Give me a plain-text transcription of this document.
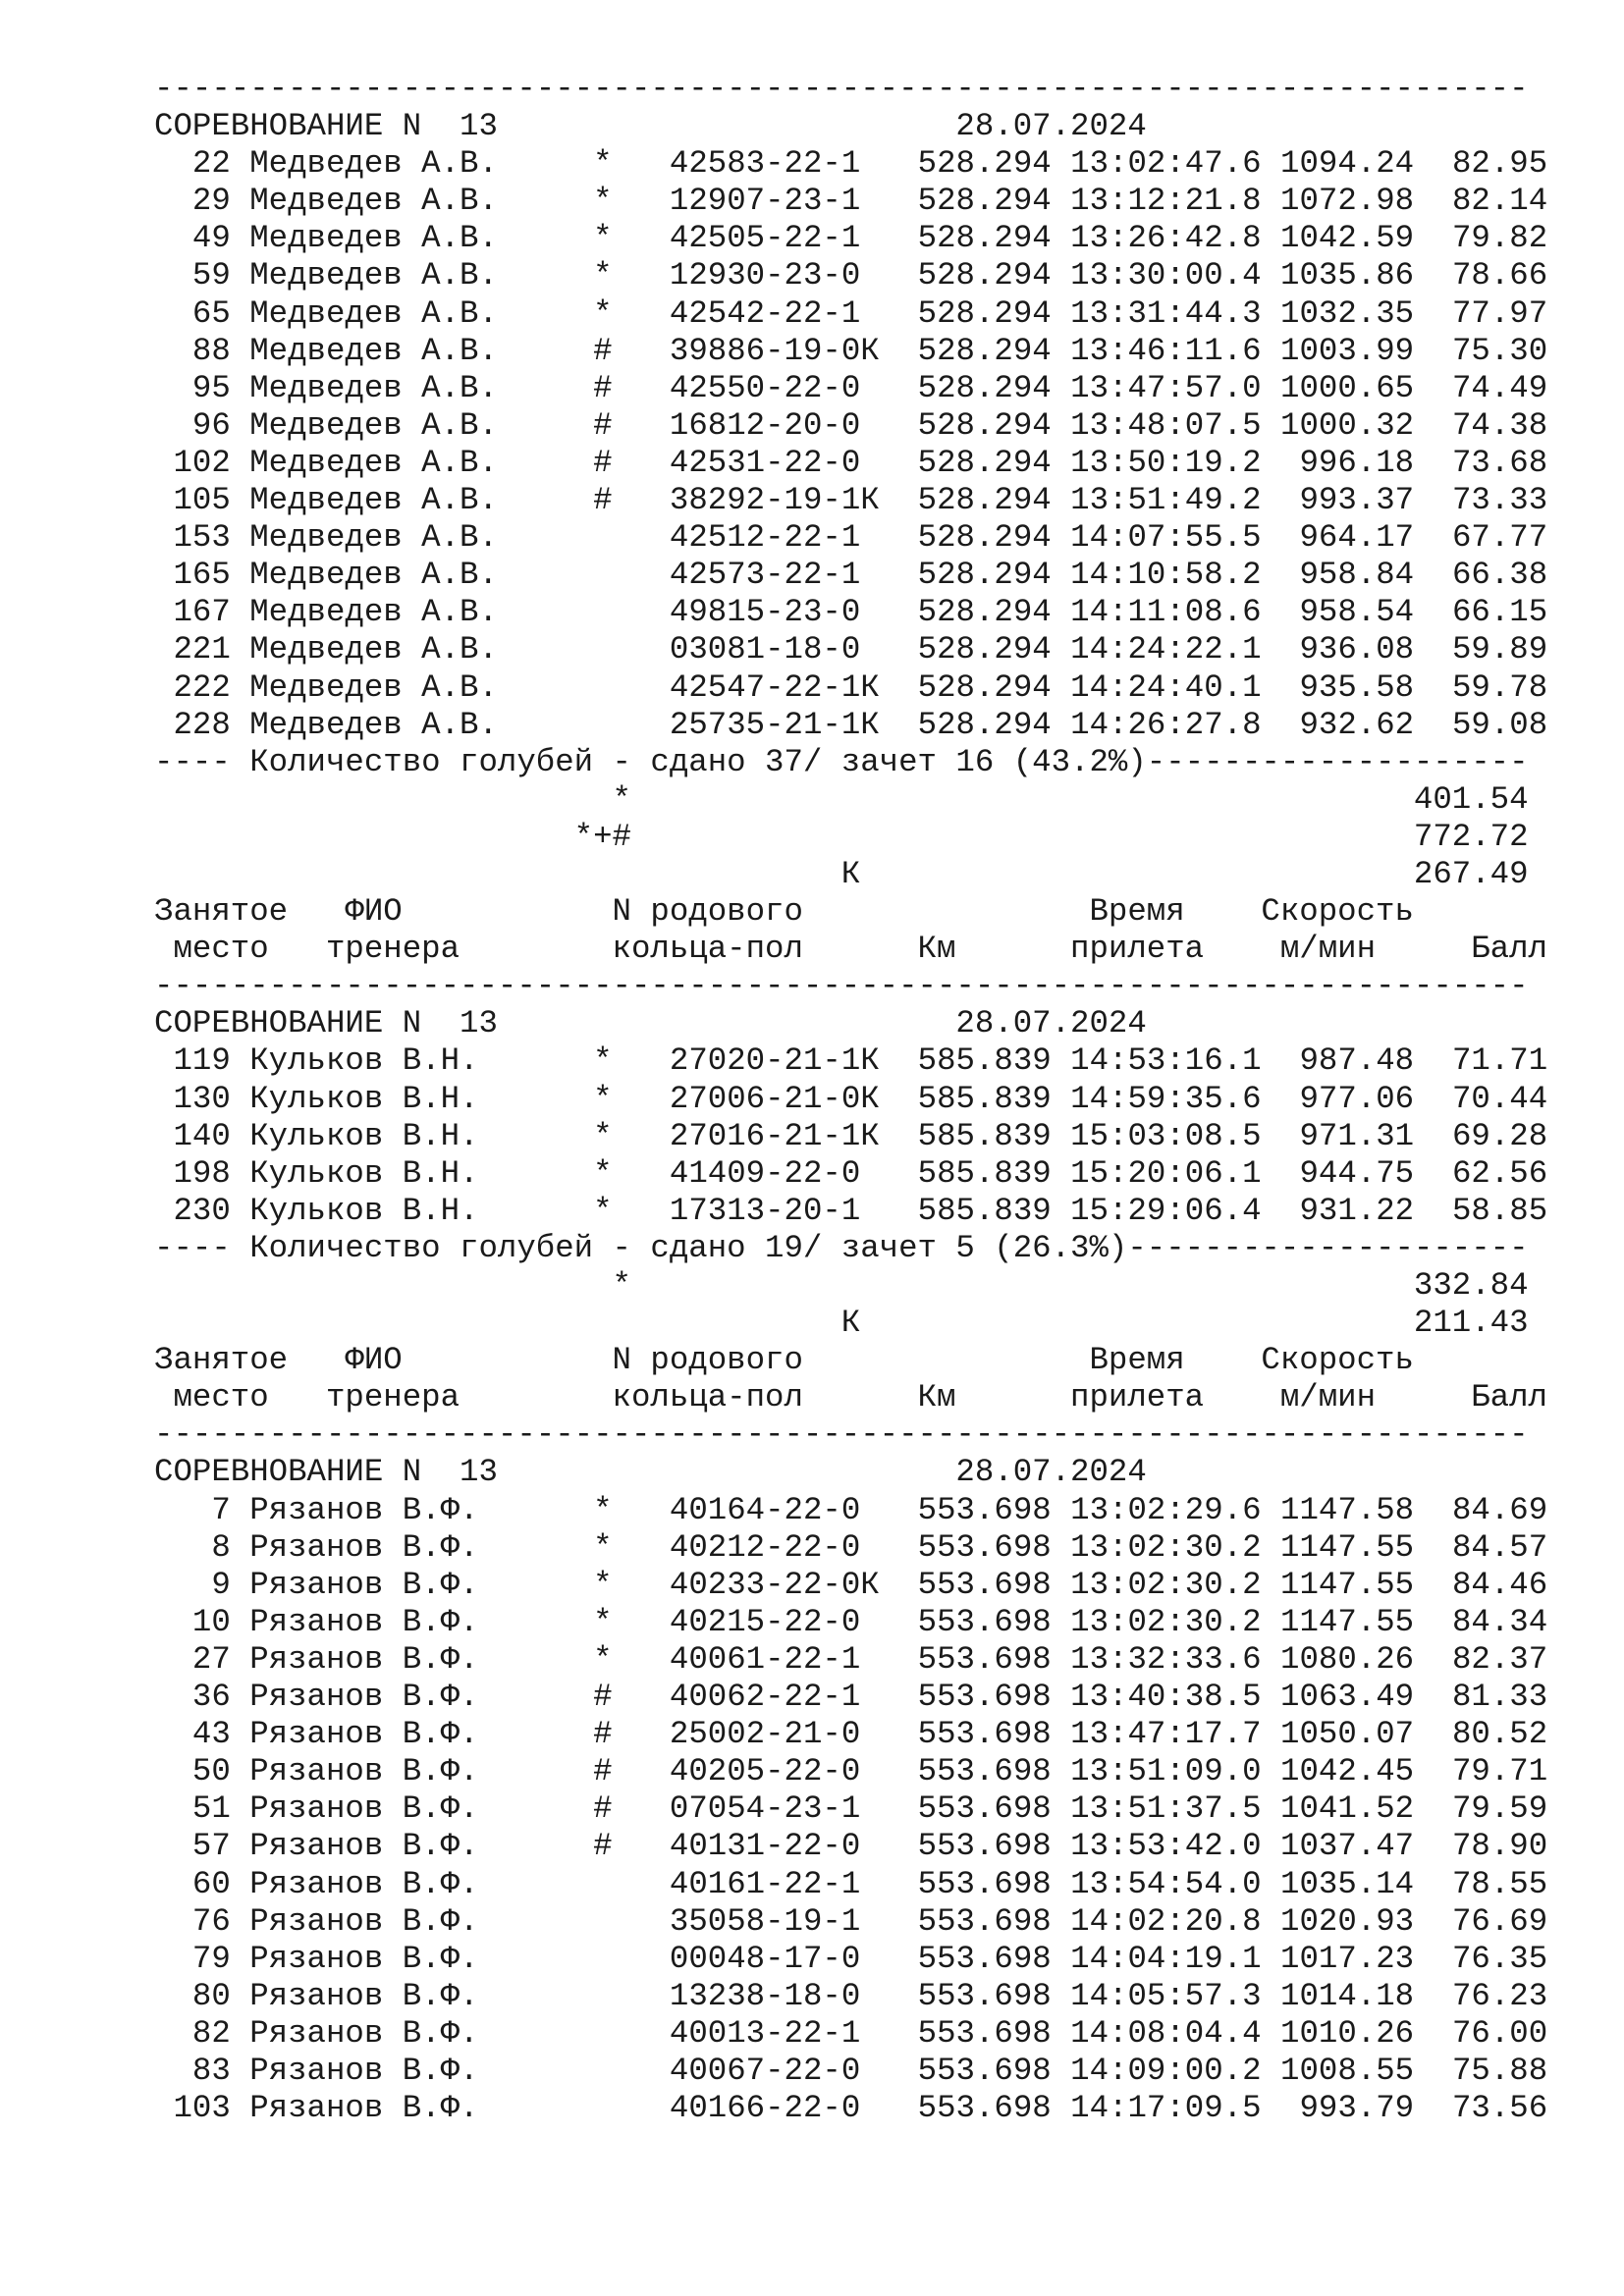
------------------------------------------------------------------------
СОРЕВНОВАНИЕ N  13	28.07.2024
22 Медведев А.В.	* 42583-22-1 528.294 13:02:47.6 1094.24 82.95
29 Медведев А.В.	* 12907-23-1 528.294 13:12:21.8 1072.98 82.14
49 Медведев А.В.	* 42505-22-1 528.294 13:26:42.8 1042.59 79.82
59 Медведев А.В.	* 12930-23-0 528.294 13:30:00.4 1035.86 78.66
65 Медведев А.В.	* 42542-22-1 528.294 13:31:44.3 1032.35 77.97
88 Медведев А.В.	# 39886-19-0К 528.294 13:46:11.6 1003.99 75.30
95 Медведев А.В.	# 42550-22-0 528.294 13:47:57.0 1000.65 74.49
96 Медведев А.В.	# 16812-20-0 528.294 13:48:07.5 1000.32 74.38
102 Медведев А.В.	# 42531-22-0 528.294 13:50:19.2 996.18 73.68
105 Медведев А.В.	# 38292-19-1К 528.294 13:51:49.2 993.37 73.33
153 Медведев А.В.	42512-22-1 528.294 14:07:55.5 964.17 67.77
165 Медведев А.В.	42573-22-1 528.294 14:10:58.2 958.84 66.38
167 Медведев А.В.	49815-23-0 528.294 14:11:08.6 958.54 66.15
221 Медведев А.В.	03081-18-0 528.294 14:24:22.1 936.08 59.89
222 Медведев А.В.	42547-22-1К 528.294 14:24:40.1 935.58 59.78
228 Медведев А.В.	25735-21-1К 528.294 14:26:27.8 932.62 59.08
---- Количество голубей - сдано 37/ зачет 16 (43.2%)--------------------
*	401.54
*+#	772.72
К	267.49
Занятое   ФИО           N родового               Время    Скорость
место   тренера        кольца-пол      Км      прилета    м/мин     Балл
------------------------------------------------------------------------
СОРЕВНОВАНИЕ N  13	28.07.2024
119 Кульков В.Н.	* 27020-21-1К 585.839 14:53:16.1 987.48 71.71
130 Кульков В.Н.	* 27006-21-0К 585.839 14:59:35.6 977.06 70.44
140 Кульков В.Н.	* 27016-21-1К 585.839 15:03:08.5 971.31 69.28
198 Кульков В.Н.	* 41409-22-0 585.839 15:20:06.1 944.75 62.56
230 Кульков В.Н.	* 17313-20-1 585.839 15:29:06.4 931.22 58.85
---- Количество голубей - сдано 19/ зачет 5 (26.3%)---------------------
*	332.84
К	211.43
Занятое   ФИО           N родового               Время    Скорость
место   тренера        кольца-пол      Км      прилета    м/мин     Балл
------------------------------------------------------------------------
СОРЕВНОВАНИЕ N  13	28.07.2024
7 Рязанов В.Ф.	* 40164-22-0 553.698 13:02:29.6 1147.58 84.69
8 Рязанов В.Ф.	* 40212-22-0 553.698 13:02:30.2 1147.55 84.57
9 Рязанов В.Ф.	* 40233-22-0К 553.698 13:02:30.2 1147.55 84.46
10 Рязанов В.Ф.	* 40215-22-0 553.698 13:02:30.2 1147.55 84.34
27 Рязанов В.Ф.	* 40061-22-1 553.698 13:32:33.6 1080.26 82.37
36 Рязанов В.Ф.	# 40062-22-1 553.698 13:40:38.5 1063.49 81.33
43 Рязанов В.Ф.	# 25002-21-0 553.698 13:47:17.7 1050.07 80.52
50 Рязанов В.Ф.	# 40205-22-0 553.698 13:51:09.0 1042.45 79.71
51 Рязанов В.Ф.	# 07054-23-1 553.698 13:51:37.5 1041.52 79.59
57 Рязанов В.Ф.	# 40131-22-0 553.698 13:53:42.0 1037.47 78.90
60 Рязанов В.Ф.	40161-22-1 553.698 13:54:54.0 1035.14 78.55
76 Рязанов В.Ф.	35058-19-1 553.698 14:02:20.8 1020.93 76.69
79 Рязанов В.Ф.	00048-17-0 553.698 14:04:19.1 1017.23 76.35
80 Рязанов В.Ф.	13238-18-0 553.698 14:05:57.3 1014.18 76.23
82 Рязанов В.Ф.	40013-22-1 553.698 14:08:04.4 1010.26 76.00
83 Рязанов В.Ф.	40067-22-0 553.698 14:09:00.2 1008.55 75.88
103 Рязанов В.Ф.	40166-22-0 553.698 14:17:09.5 993.79 73.56
